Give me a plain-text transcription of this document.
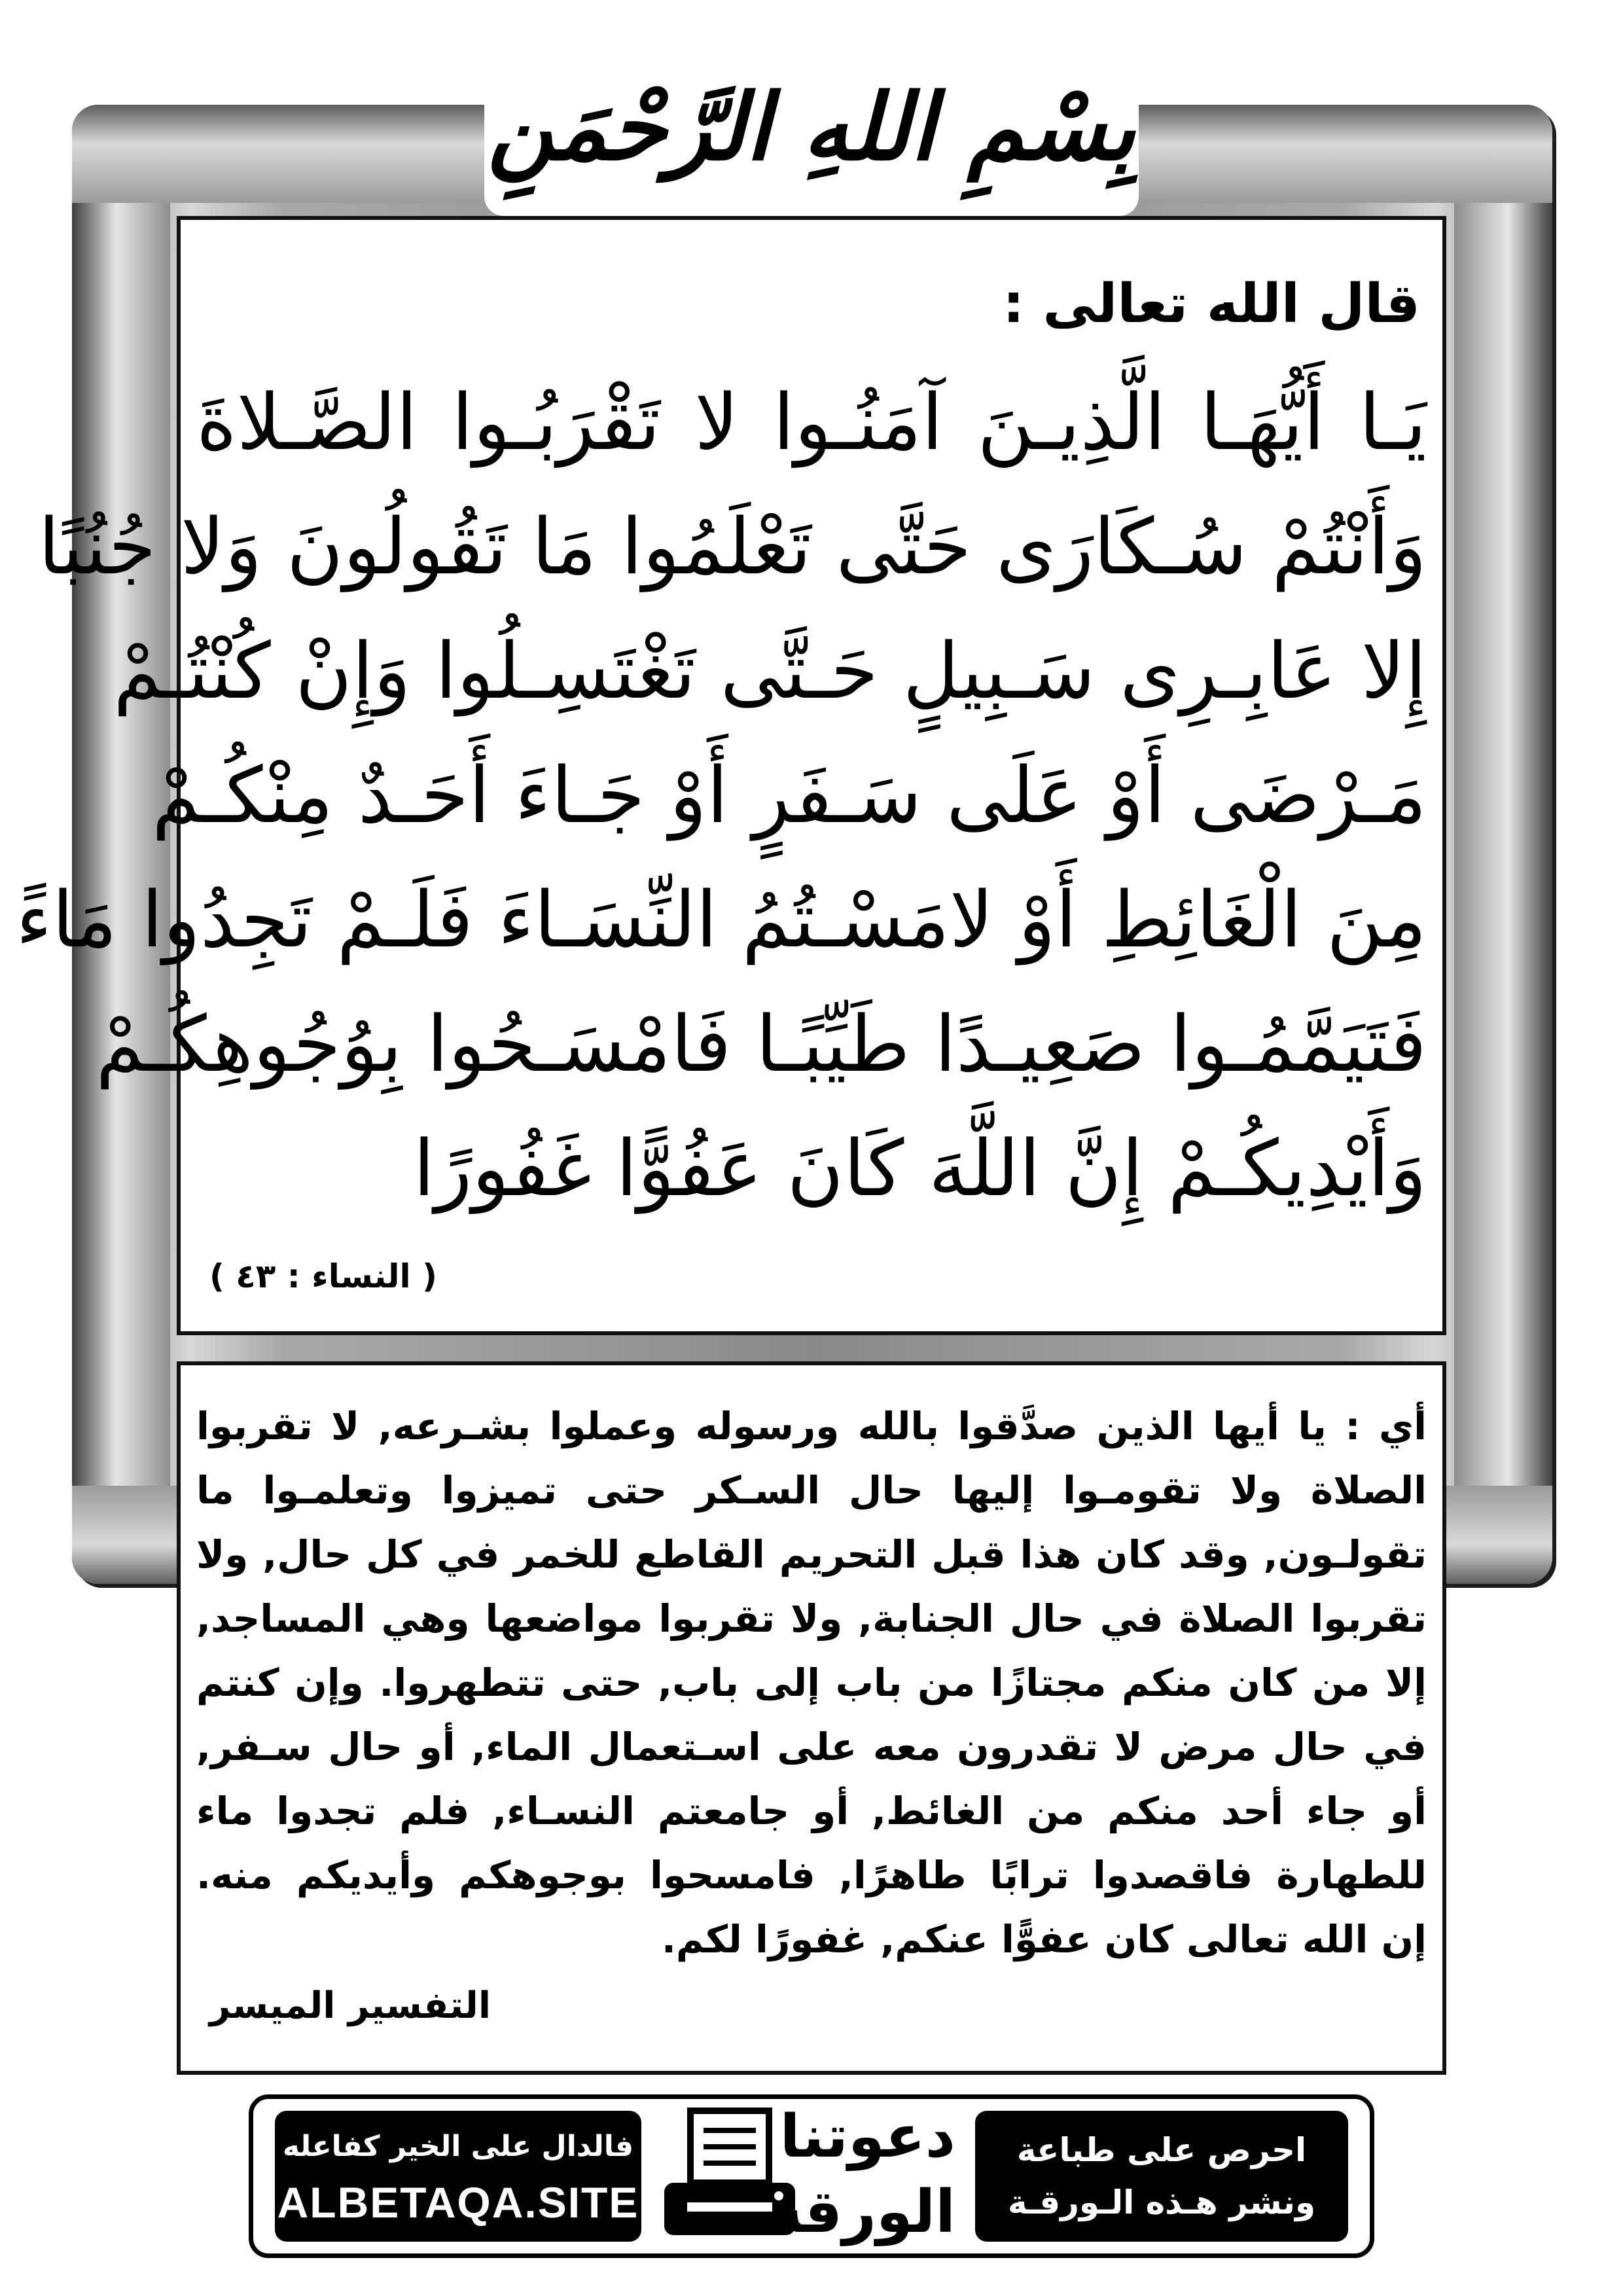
بِسْمِ اللهِ الرَّحْمَنِ
قال الله تعالى :
يَـا أَيُّهَـا الَّذِيـنَ آمَنُـوا لا تَقْرَبُـوا الصَّـلاةَ
وَأَنْتُمْ سُـكَارَى حَتَّى تَعْلَمُوا مَا تَقُولُونَ وَلا جُنُبًا
إِلا عَابِـرِى سَـبِيلٍ حَـتَّى تَغْتَسِـلُوا وَإِنْ كُنْتُـمْ
مَـرْضَى أَوْ عَلَى سَـفَرٍ أَوْ جَـاءَ أَحَـدٌ مِنْكُـمْ
مِنَ الْغَائِطِ أَوْ لامَسْـتُمُ النِّسَـاءَ فَلَـمْ تَجِدُوا مَاءً
فَتَيَمَّمُـوا صَعِيـدًا طَيِّبًـا فَامْسَـحُوا بِوُجُوهِكُـمْ
وَأَيْدِيكُـمْ إِنَّ اللَّهَ كَانَ عَفُوًّا غَفُورًا
( النساء : ٤٣ )
أي : يا أيها الذين صدَّقوا بالله ورسوله وعملوا بشـرعه, لا تقربوا
الصلاة ولا تقومـوا إليها حال السـكر حتى تميزوا وتعلمـوا ما
تقولـون, وقد كان هذا قبل التحريم القاطع للخمر في كل حال, ولا
تقربوا الصلاة في حال الجنابة, ولا تقربوا مواضعها وهي المساجد,
إلا من كان منكم مجتازًا من باب إلى باب, حتى تتطهروا. وإن كنتم
في حال مرض لا تقدرون معه على اسـتعمال الماء, أو حال سـفر,
أو جاء أحد منكم من الغائط, أو جامعتم النسـاء, فلم تجدوا ماء
للطهارة فاقصدوا ترابًا طاهرًا, فامسحوا بوجوهكم وأيديكم منه.
إن الله تعالى كان عفوًّا عنكم, غفورًا لكم.
التفسير الميسر
فالدال على الخير كفاعله
ALBETAQA.SITE
دعوتنا
الورقة
احرص على طباعة
ونشر هـذه الـورقـة
